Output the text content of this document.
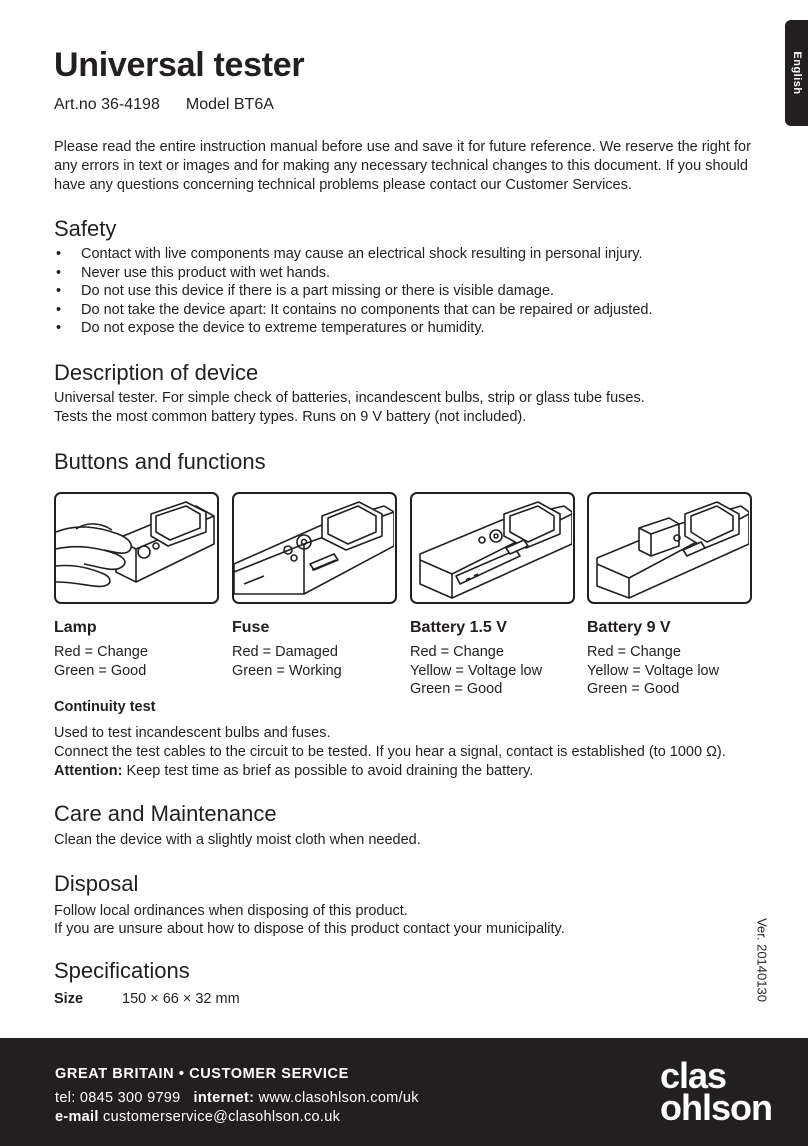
English
Universal tester
Art.no 36-4198 Model BT6A
Please read the entire instruction manual before use and save it for future reference. We reserve the right for any errors in text or images and for making any necessary technical changes to this document. If you should have any questions concerning technical problems please contact our Customer Services.
Safety
• Contact with live components may cause an electrical shock resulting in personal injury.
• Never use this product with wet hands.
• Do not use this device if there is a part missing or there is visible damage.
• Do not take the device apart: It contains no components that can be repaired or adjusted.
• Do not expose the device to extreme temperatures or humidity.
Description of device
Universal tester. For simple check of batteries, incandescent bulbs, strip or glass tube fuses.
Tests the most common battery types. Runs on 9 V battery (not included).
Buttons and functions
Lamp
Red = Change
Green = Good
Fuse
Red = Damaged
Green = Working
Battery 1.5 V
Red = Change
Yellow = Voltage low
Green = Good
Battery 9 V
Red = Change
Yellow = Voltage low
Green = Good
Continuity test
Used to test incandescent bulbs and fuses.
Connect the test cables to the circuit to be tested. If you hear a signal, contact is established (to 1000 Ω).
Attention: Keep test time as brief as possible to avoid draining the battery.
Care and Maintenance
Clean the device with a slightly moist cloth when needed.
Disposal
Follow local ordinances when disposing of this product.
If you are unsure about how to dispose of this product contact your municipality.
Specifications
Size	150 × 66 × 32 mm	Ver. 20140130
GREAT BRITAIN • CUSTOMER SERVICE
tel: 0845 300 9799 internet: www.clasohlson.com/uk
e-mail customerservice@clasohlson.co.uk
clas
ohlson
